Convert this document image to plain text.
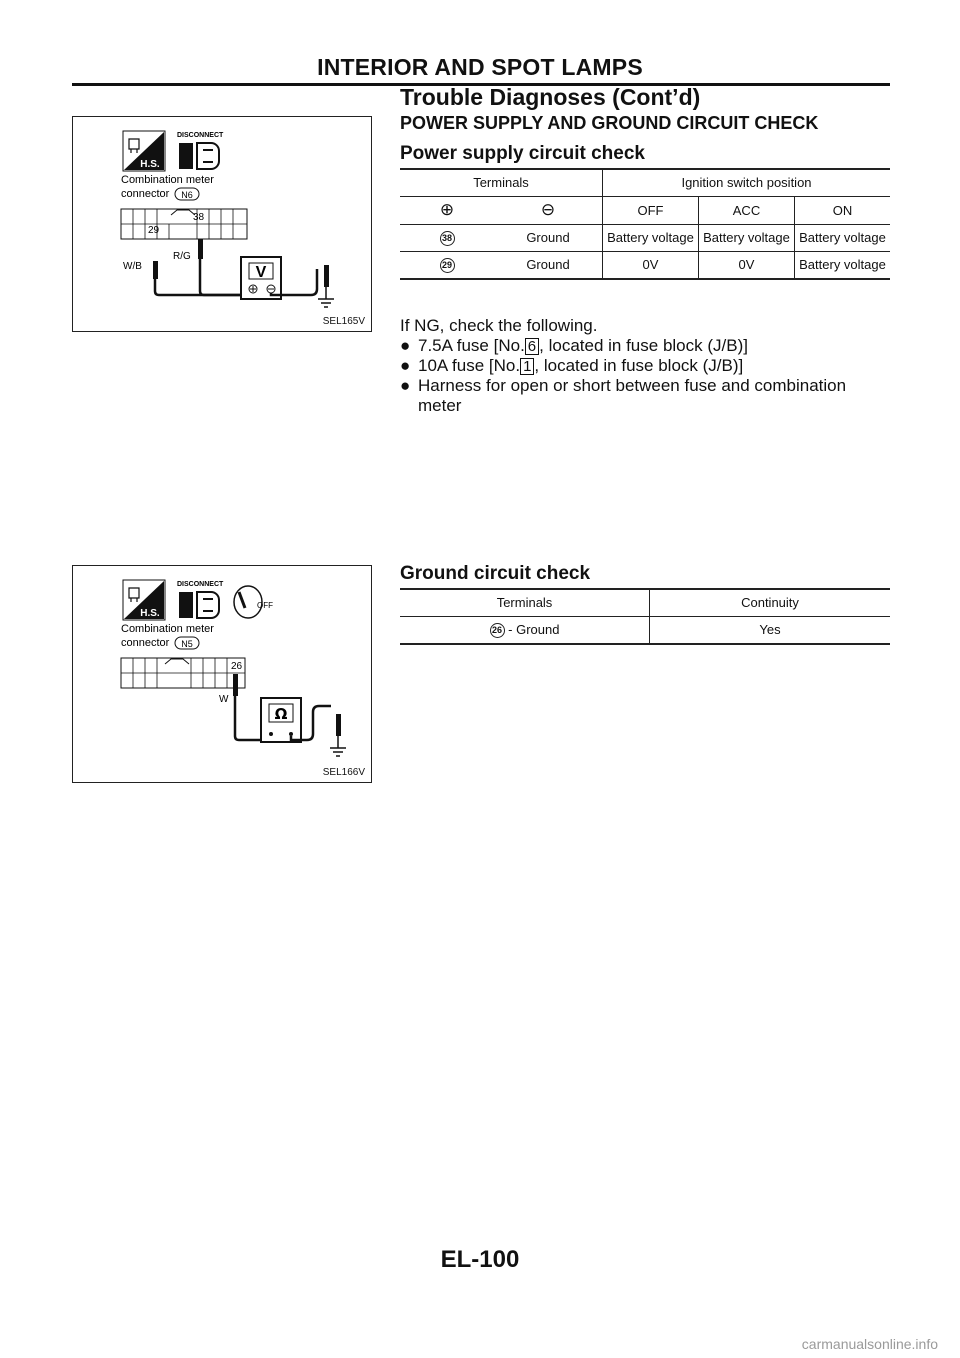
INTERIOR AND SPOT LAMPS
Trouble Diagnoses (Cont’d)
H.S.
DISCONNECT
Combination meter
connector N6
29
38
W/B
R/G
V
SEL165V
POWER SUPPLY AND GROUND CIRCUIT CHECK
Power supply circuit check
Terminals		Ignition switch position		
⊕	⊖	OFF	ACC	ON
38	Ground	Battery voltage	Battery voltage	Battery voltage
29	Ground	0V	0V	Battery voltage
If NG, check the following.
● 7.5A fuse [No. 6 , located in fuse block (J/B)]
● 10A fuse [No. 1 , located in fuse block (J/B)]
● Harness for open or short between fuse and combination meter
H.S.
DISCONNECT
OFF
Combination meter
connector N5
26
W
Ω
SEL166V
Ground circuit check
Terminals	Continuity
26 - Ground	Yes
EL-100
carmanualsonline.info
